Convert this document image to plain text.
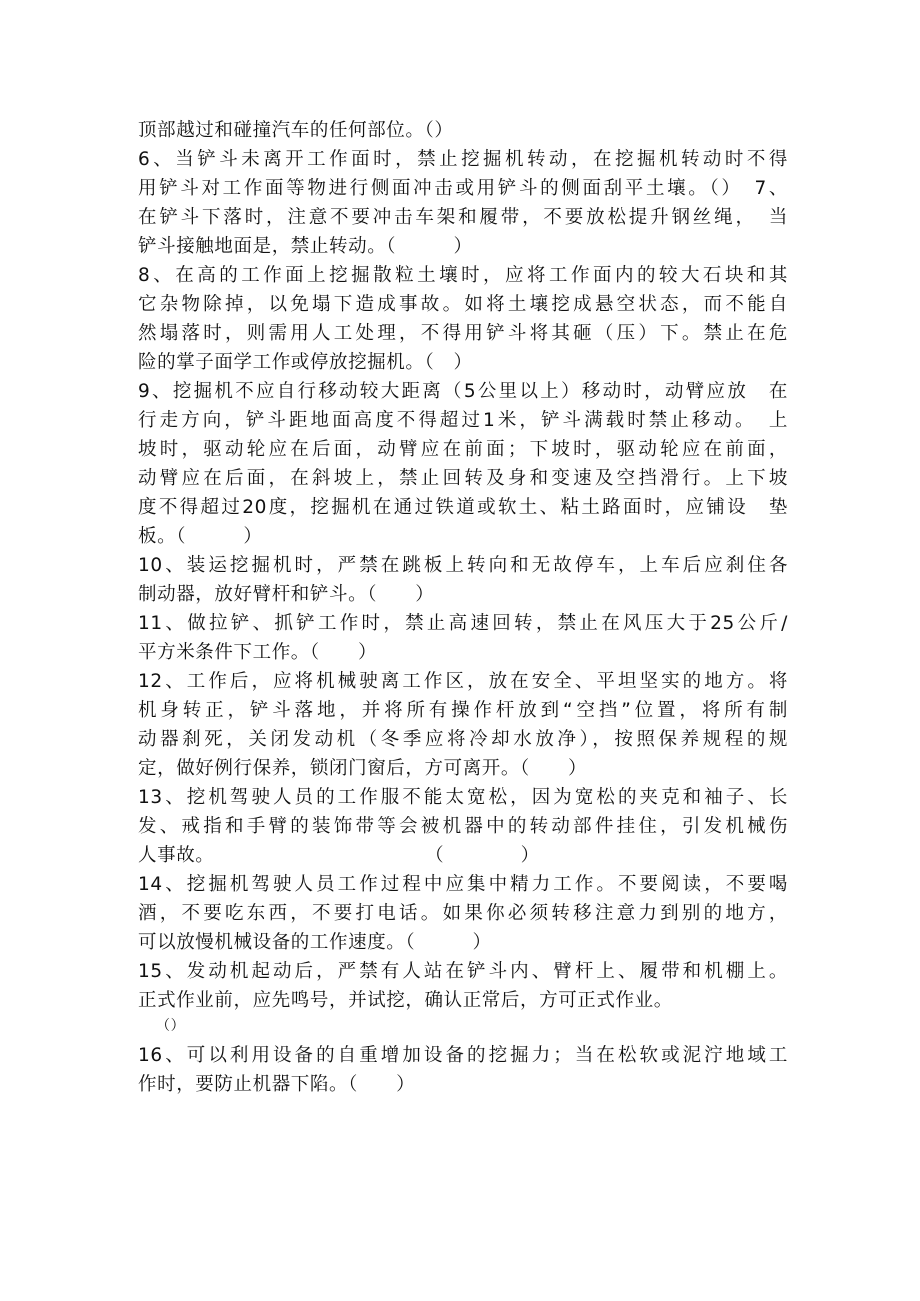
顶部越过和碰撞汽车的任何部位。（）
6、当铲斗未离开工作面时，禁止挖掘机转动，在挖掘机转动时不得
用铲斗对工作面等物进行侧面冲击或用铲斗的侧面刮平土壤。（）　7、
在铲斗下落时，注意不要冲击车架和履带，不要放松提升钢丝绳，　当
铲斗接触地面是，禁止转动。（　　　）
8、在高的工作面上挖掘散粒土壤时，应将工作面内的较大石块和其
它杂物除掉，以免塌下造成事故。如将土壤挖成悬空状态，而不能自
然塌落时，则需用人工处理，不得用铲斗将其砸（压）下。禁止在危
险的掌子面学工作或停放挖掘机。（　）
9、挖掘机不应自行移动较大距离（5公里以上）移动时，动臂应放　在
行走方向，铲斗距地面高度不得超过1米，铲斗满载时禁止移动。　上
坡时，驱动轮应在后面，动臂应在前面；下坡时，驱动轮应在前面，
动臂应在后面，在斜坡上，禁止回转及身和变速及空挡滑行。上下坡
度不得超过20度，挖掘机在通过铁道或软土、粘土路面时，应铺设　垫
板。（　　　）
10、装运挖掘机时，严禁在跳板上转向和无故停车，上车后应刹住各
制动器，放好臂杆和铲斗。（　　）
11、做拉铲、抓铲工作时，禁止高速回转，禁止在风压大于25公斤/
平方米条件下工作。（　　）
12、工作后，应将机械驶离工作区，放在安全、平坦坚实的地方。将
机身转正，铲斗落地，并将所有操作杆放到“空挡”位置，将所有制
动器刹死，关闭发动机（冬季应将冷却水放净），按照保养规程的规
定，做好例行保养，锁闭门窗后，方可离开。（　　）
13、挖机驾驶人员的工作服不能太宽松，因为宽松的夹克和袖子、长
发、戒指和手臂的装饰带等会被机器中的转动部件挂住，引发机械伤
人事故。　　　　　　　　　　　　（　　　　）
14、挖掘机驾驶人员工作过程中应集中精力工作。不要阅读，不要喝
酒，不要吃东西，不要打电话。如果你必须转移注意力到别的地方，
可以放慢机械设备的工作速度。（　　　）
15、发动机起动后，严禁有人站在铲斗内、臂杆上、履带和机棚上。
正式作业前，应先鸣号，并试挖，确认正常后，方可正式作业。
（）
16、可以利用设备的自重增加设备的挖掘力；当在松软或泥泞地域工
作时，要防止机器下陷。（　　）
